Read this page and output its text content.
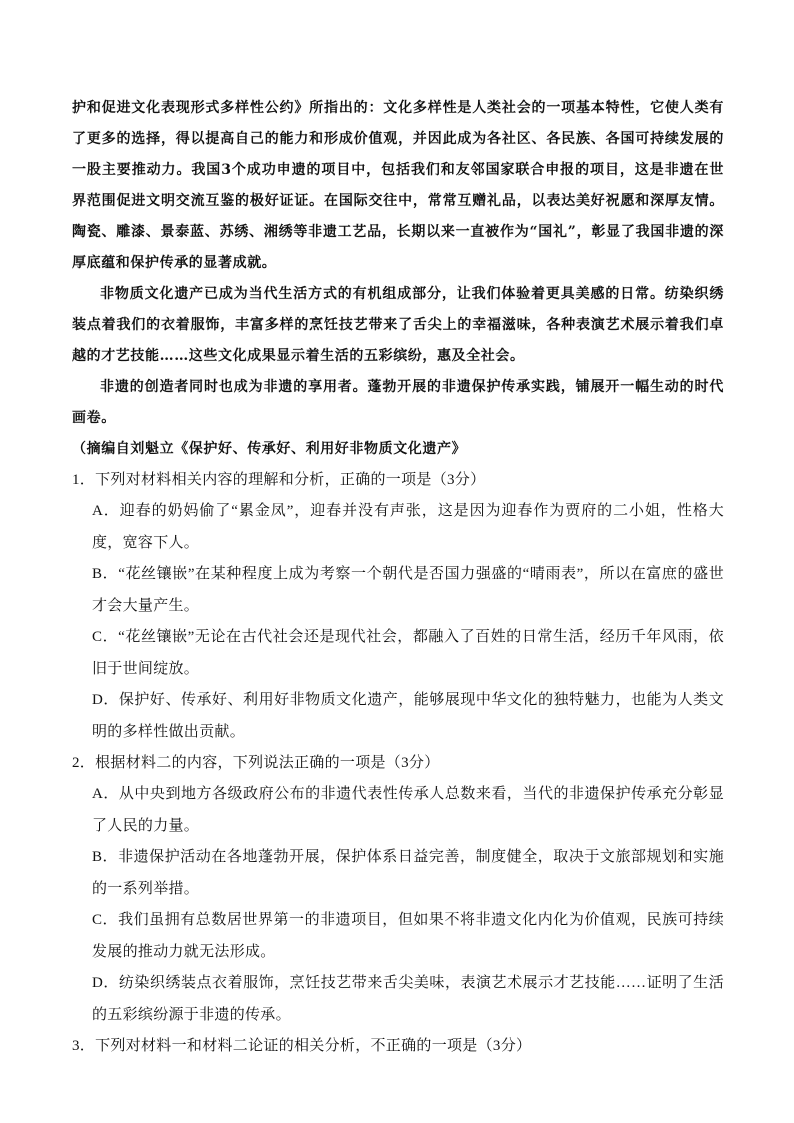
护和促进文化表现形式多样性公约》所指出的：文化多样性是人类社会的一项基本特性，它使人类有了更多的选择，得以提高自己的能力和形成价值观，并因此成为各社区、各民族、各国可持续发展的一股主要推动力。我国3个成功申遗的项目中，包括我们和友邻国家联合申报的项目，这是非遗在世界范围促进文明交流互鉴的极好证证。在国际交往中，常常互赠礼品，以表达美好祝愿和深厚友情。陶瓷、雕漆、景泰蓝、苏绣、湘绣等非遗工艺品，长期以来一直被作为“国礼”，彰显了我国非遗的深厚底蕴和保护传承的显著成就。

非物质文化遗产已成为当代生活方式的有机组成部分，让我们体验着更具美感的日常。纺染织绣装点着我们的衣着服饰，丰富多样的烹饪技艺带来了舌尖上的幸福滋味，各种表演艺术展示着我们卓越的才艺技能……这些文化成果显示着生活的五彩缤纷，惠及全社会。

非遗的创造者同时也成为非遗的享用者。蓬勃开展的非遗保护传承实践，铺展开一幅生动的时代画卷。

（摘编自刘魁立《保护好、传承好、利用好非物质文化遗产》

1．下列对材料相关内容的理解和分析，正确的一项是（3分）

A．迎春的奶妈偷了“累金凤”，迎春并没有声张，这是因为迎春作为贾府的二小姐，性格大度，宽容下人。

B．“花丝镶嵌”在某种程度上成为考察一个朝代是否国力强盛的“晴雨表”，所以在富庶的盛世才会大量产生。

C．“花丝镶嵌”无论在古代社会还是现代社会，都融入了百姓的日常生活，经历千年风雨，依旧于世间绽放。

D．保护好、传承好、利用好非物质文化遗产，能够展现中华文化的独特魅力，也能为人类文明的多样性做出贡献。

2．根据材料二的内容，下列说法正确的一项是（3分）

A．从中央到地方各级政府公布的非遗代表性传承人总数来看，当代的非遗保护传承充分彰显了人民的力量。

B．非遗保护活动在各地蓬勃开展，保护体系日益完善，制度健全，取决于文旅部规划和实施的一系列举措。

C．我们虽拥有总数居世界第一的非遗项目，但如果不将非遗文化内化为价值观，民族可持续发展的推动力就无法形成。

D．纺染织绣装点衣着服饰，烹饪技艺带来舌尖美味，表演艺术展示才艺技能……证明了生活的五彩缤纷源于非遗的传承。

3．下列对材料一和材料二论证的相关分析，不正确的一项是（3分）
